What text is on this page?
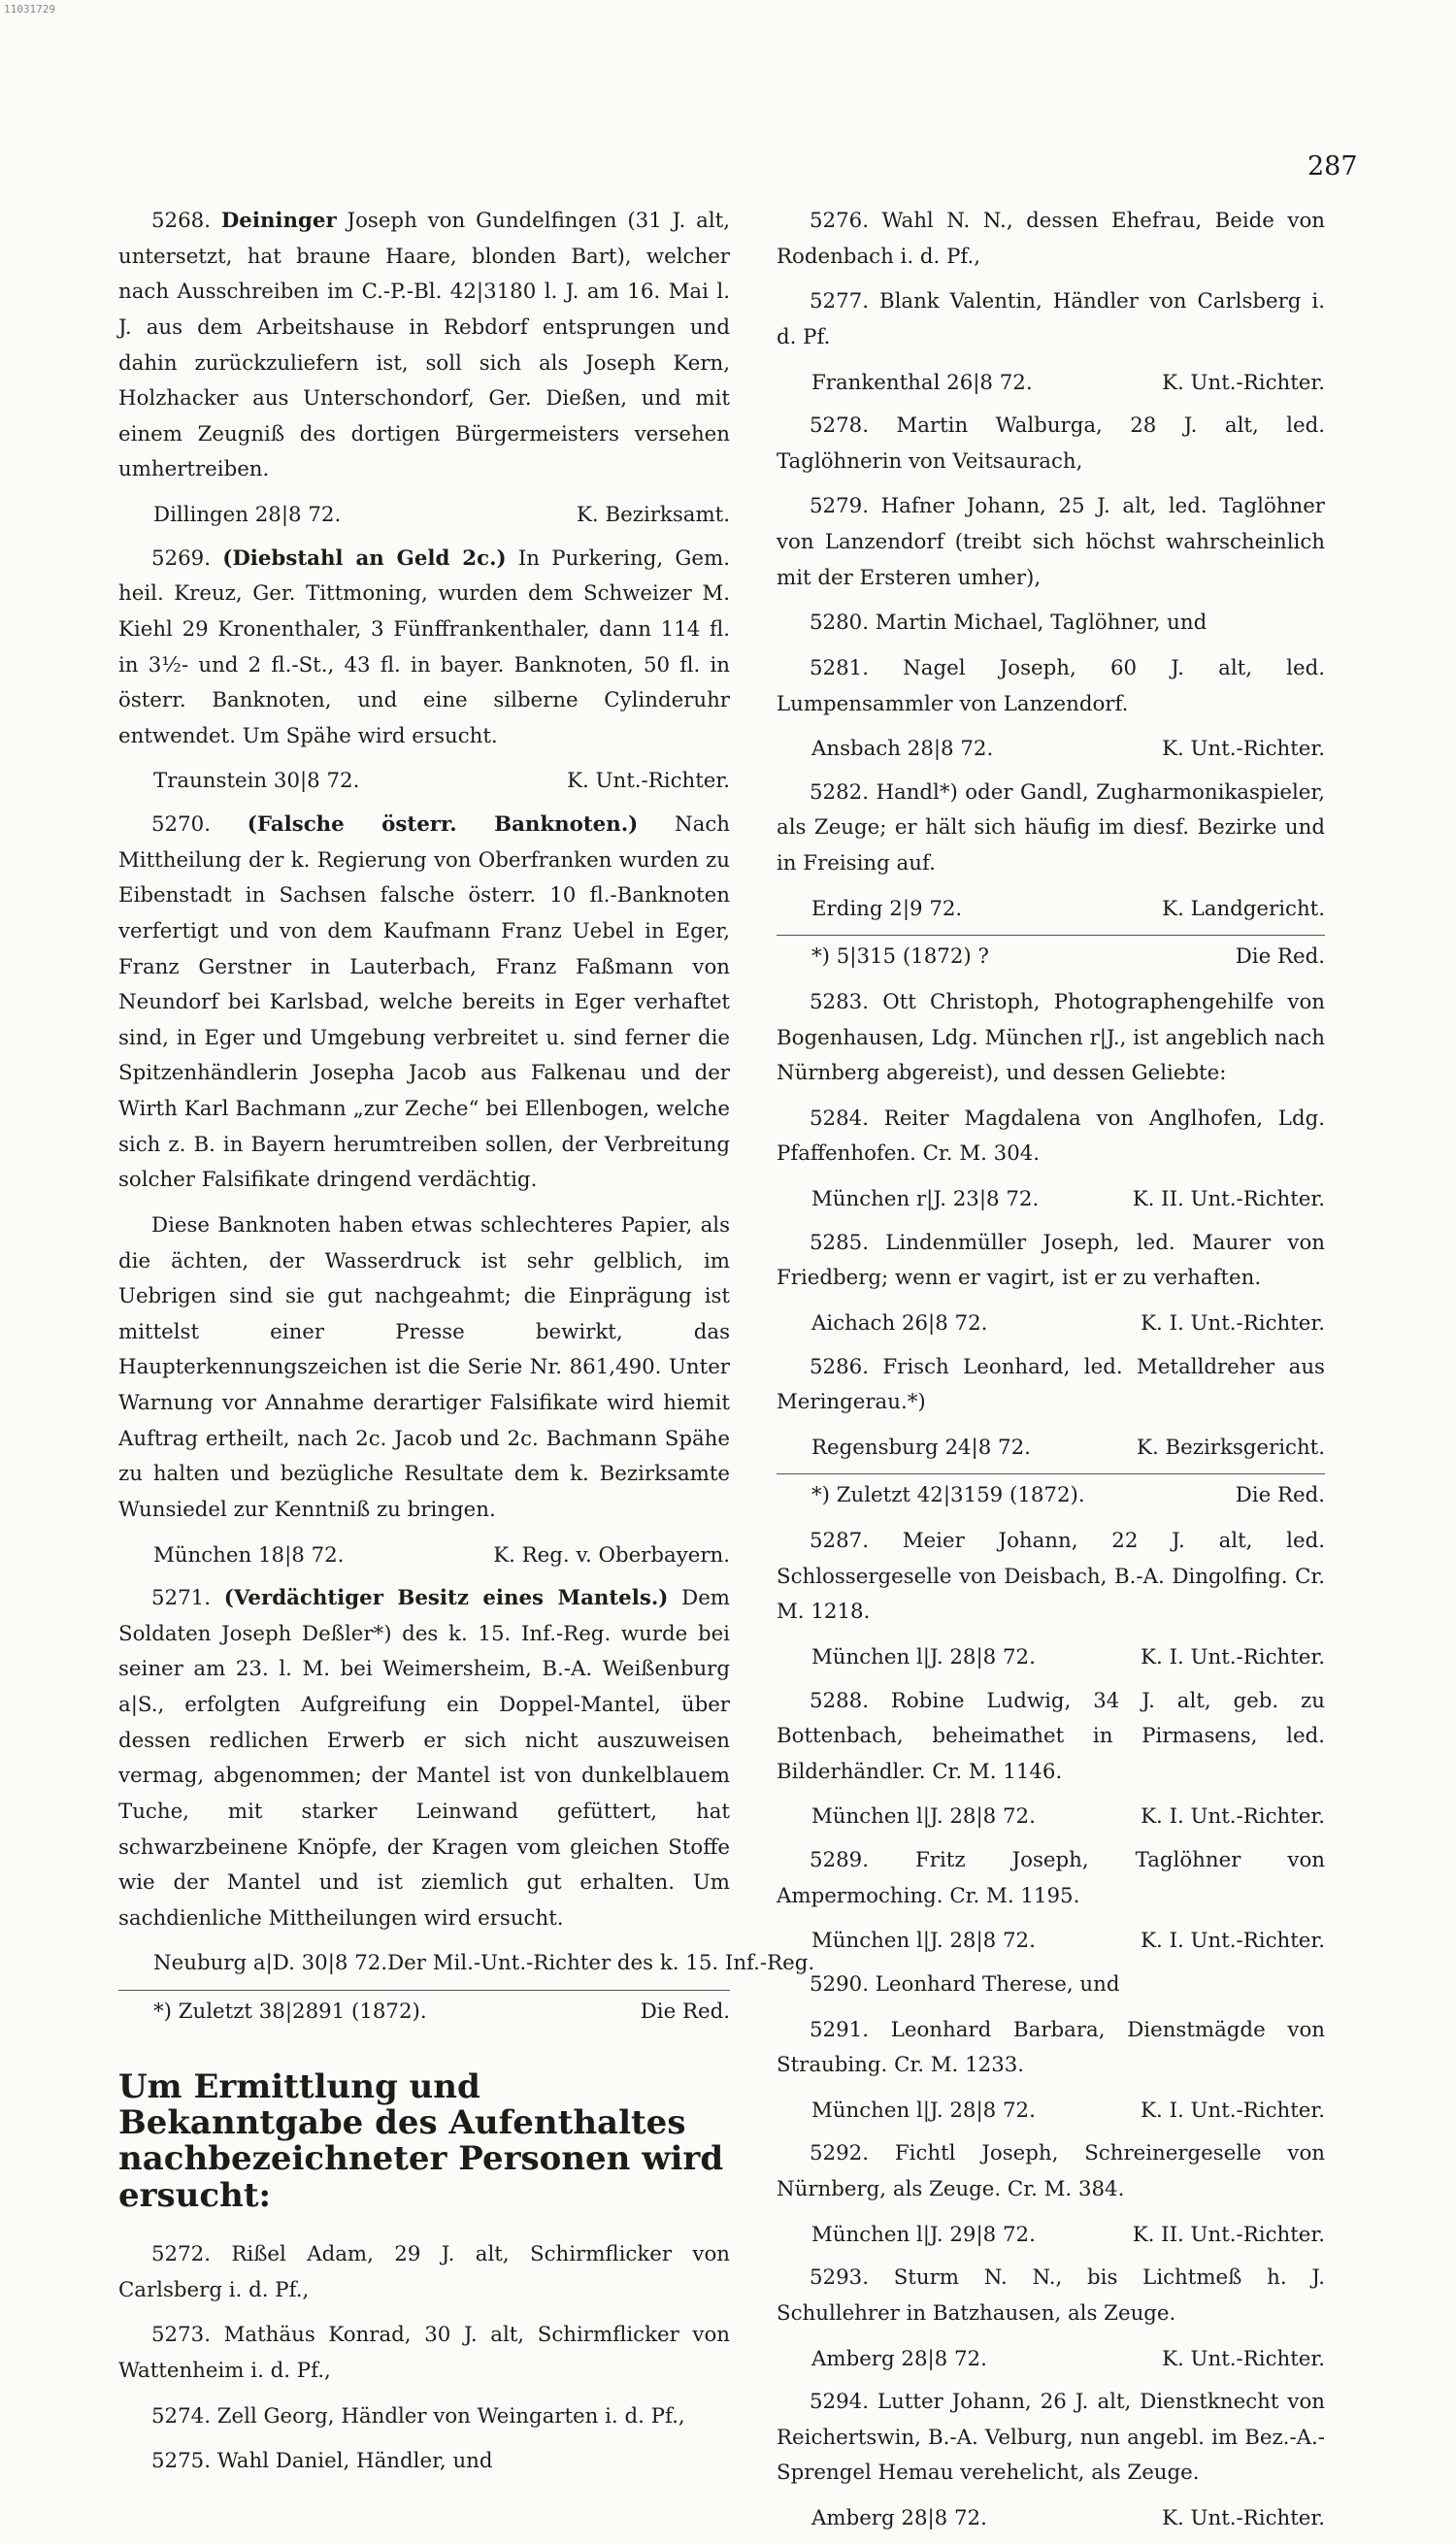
11031729
287
5268. Deininger Joseph von Gundelfingen (31 J. alt, untersetzt, hat braune Haare, blonden Bart), welcher nach Ausschreiben im C.-P.-Bl. 42|3180 l. J. am 16. Mai l. J. aus dem Arbeitshause in Rebdorf entsprungen und dahin zurückzuliefern ist, soll sich als Joseph Kern, Holzhacker aus Unterschondorf, Ger. Dießen, und mit einem Zeugniß des dortigen Bürgermeisters versehen umhertreiben.
Dillingen 28|8 72.	K. Bezirksamt.
5269. (Diebstahl an Geld 2c.) In Purkering, Gem. heil. Kreuz, Ger. Tittmoning, wurden dem Schweizer M. Kiehl 29 Kronenthaler, 3 Fünffrankenthaler, dann 114 fl. in 3½- und 2 fl.-St., 43 fl. in bayer. Banknoten, 50 fl. in österr. Banknoten, und eine silberne Cylinderuhr entwendet. Um Spähe wird ersucht.
Traunstein 30|8 72.	K. Unt.-Richter.
5270. (Falsche österr. Banknoten.) Nach Mittheilung der k. Regierung von Oberfranken wurden zu Eibenstadt in Sachsen falsche österr. 10 fl.-Banknoten verfertigt und von dem Kaufmann Franz Uebel in Eger, Franz Gerstner in Lauterbach, Franz Faßmann von Neundorf bei Karlsbad, welche bereits in Eger verhaftet sind, in Eger und Umgebung verbreitet u. sind ferner die Spitzenhändlerin Josepha Jacob aus Falkenau und der Wirth Karl Bachmann „zur Zeche“ bei Ellenbogen, welche sich z. B. in Bayern herumtreiben sollen, der Verbreitung solcher Falsifikate dringend verdächtig.
Diese Banknoten haben etwas schlechteres Papier, als die ächten, der Wasserdruck ist sehr gelblich, im Uebrigen sind sie gut nachgeahmt; die Einprägung ist mittelst einer Presse bewirkt, das Haupterkennungszeichen ist die Serie Nr. 861,490. Unter Warnung vor Annahme derartiger Falsifikate wird hiemit Auftrag ertheilt, nach 2c. Jacob und 2c. Bachmann Spähe zu halten und bezügliche Resultate dem k. Bezirksamte Wunsiedel zur Kenntniß zu bringen.
München 18|8 72.	K. Reg. v. Oberbayern.
5271. (Verdächtiger Besitz eines Mantels.) Dem Soldaten Joseph Deßler*) des k. 15. Inf.-Reg. wurde bei seiner am 23. l. M. bei Weimersheim, B.-A. Weißenburg a|S., erfolgten Aufgreifung ein Doppel-Mantel, über dessen redlichen Erwerb er sich nicht auszuweisen vermag, abgenommen; der Mantel ist von dunkelblauem Tuche, mit starker Leinwand gefüttert, hat schwarzbeinene Knöpfe, der Kragen vom gleichen Stoffe wie der Mantel und ist ziemlich gut erhalten. Um sachdienliche Mittheilungen wird ersucht.
Neuburg a|D. 30|8 72. Der Mil.-Unt.-Richter des k. 15. Inf.-Reg.
*) Zuletzt 38|2891 (1872).	Die Red.
Um Ermittlung und Bekanntgabe des Aufenthaltes nachbezeichneter Personen wird ersucht:
5272. Rißel Adam, 29 J. alt, Schirmflicker von Carlsberg i. d. Pf.,
5273. Mathäus Konrad, 30 J. alt, Schirmflicker von Wattenheim i. d. Pf.,
5274. Zell Georg, Händler von Weingarten i. d. Pf.,
5275. Wahl Daniel, Händler, und
5276. Wahl N. N., dessen Ehefrau, Beide von Rodenbach i. d. Pf.,
5277. Blank Valentin, Händler von Carlsberg i. d. Pf.
Frankenthal 26|8 72.	K. Unt.-Richter.
5278. Martin Walburga, 28 J. alt, led. Taglöhnerin von Veitsaurach,
5279. Hafner Johann, 25 J. alt, led. Taglöhner von Lanzendorf (treibt sich höchst wahrscheinlich mit der Ersteren umher),
5280. Martin Michael, Taglöhner, und
5281. Nagel Joseph, 60 J. alt, led. Lumpensammler von Lanzendorf.
Ansbach 28|8 72.	K. Unt.-Richter.
5282. Handl*) oder Gandl, Zugharmonikaspieler, als Zeuge; er hält sich häufig im diesf. Bezirke und in Freising auf.
Erding 2|9 72.	K. Landgericht.
*) 5|315 (1872) ?	Die Red.
5283. Ott Christoph, Photographengehilfe von Bogenhausen, Ldg. München r|J., ist angeblich nach Nürnberg abgereist), und dessen Geliebte:
5284. Reiter Magdalena von Anglhofen, Ldg. Pfaffenhofen. Cr. M. 304.
München r|J. 23|8 72.	K. II. Unt.-Richter.
5285. Lindenmüller Joseph, led. Maurer von Friedberg; wenn er vagirt, ist er zu verhaften.
Aichach 26|8 72.	K. I. Unt.-Richter.
5286. Frisch Leonhard, led. Metalldreher aus Meringerau.*)
Regensburg 24|8 72.	K. Bezirksgericht.
*) Zuletzt 42|3159 (1872).	Die Red.
5287. Meier Johann, 22 J. alt, led. Schlossergeselle von Deisbach, B.-A. Dingolfing. Cr. M. 1218.
München l|J. 28|8 72.	K. I. Unt.-Richter.
5288. Robine Ludwig, 34 J. alt, geb. zu Bottenbach, beheimathet in Pirmasens, led. Bilderhändler. Cr. M. 1146.
München l|J. 28|8 72.	K. I. Unt.-Richter.
5289. Fritz Joseph, Taglöhner von Ampermoching. Cr. M. 1195.
München l|J. 28|8 72.	K. I. Unt.-Richter.
5290. Leonhard Therese, und
5291. Leonhard Barbara, Dienstmägde von Straubing. Cr. M. 1233.
München l|J. 28|8 72.	K. I. Unt.-Richter.
5292. Fichtl Joseph, Schreinergeselle von Nürnberg, als Zeuge. Cr. M. 384.
München l|J. 29|8 72.	K. II. Unt.-Richter.
5293. Sturm N. N., bis Lichtmeß h. J. Schullehrer in Batzhausen, als Zeuge.
Amberg 28|8 72.	K. Unt.-Richter.
5294. Lutter Johann, 26 J. alt, Dienstknecht von Reichertswin, B.-A. Velburg, nun angebl. im Bez.-A.-Sprengel Hemau verehelicht, als Zeuge.
Amberg 28|8 72.	K. Unt.-Richter.
